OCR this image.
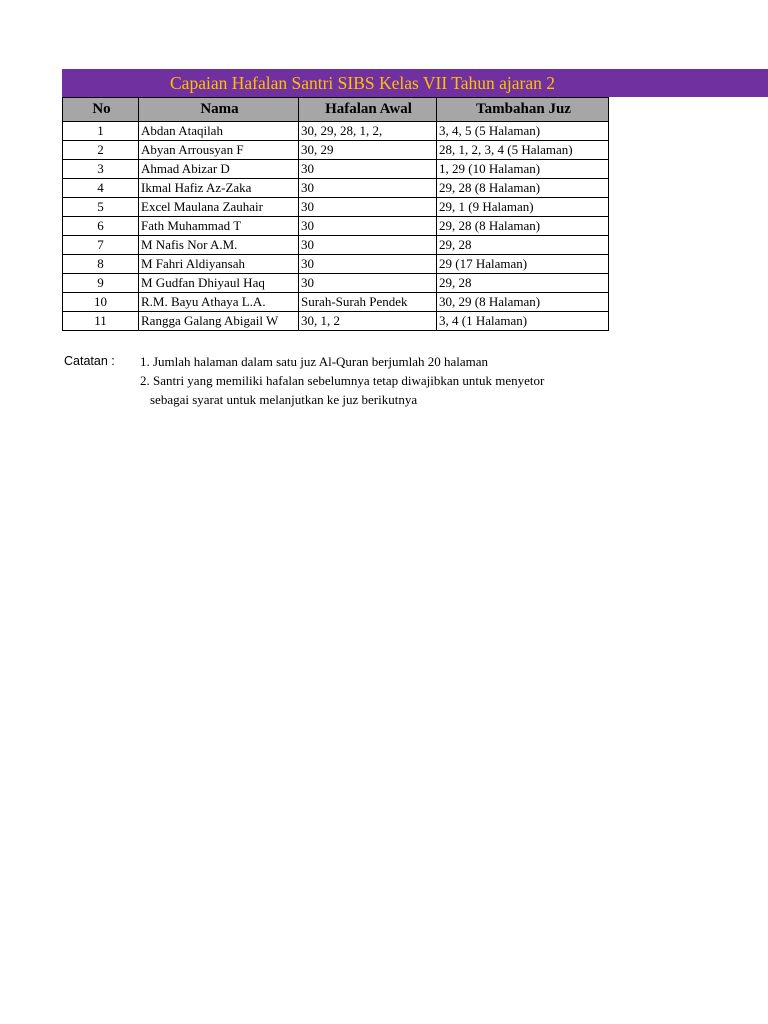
Capaian Hafalan Santri SIBS Kelas VII Tahun ajaran 2
No	Nama	Hafalan Awal	Tambahan Juz
1	Abdan Ataqilah	30, 29, 28, 1, 2,	3, 4, 5 (5 Halaman)
2	Abyan Arrousyan F	30, 29	28, 1, 2, 3, 4 (5 Halaman)
3	Ahmad Abizar D	30	1, 29 (10 Halaman)
4	Ikmal Hafiz Az-Zaka	30	29, 28 (8 Halaman)
5	Excel Maulana Zauhair	30	29, 1 (9 Halaman)
6	Fath Muhammad T	30	29, 28 (8 Halaman)
7	M Nafis Nor A.M.	30	29, 28
8	M Fahri Aldiyansah	30	29 (17 Halaman)
9	M Gudfan Dhiyaul Haq	30	29, 28
10	R.M. Bayu Athaya L.A.	Surah-Surah Pendek	30, 29 (8 Halaman)
11	Rangga Galang Abigail W	30, 1, 2	3, 4 (1 Halaman)
Catatan : 1. Jumlah halaman dalam satu juz Al-Quran berjumlah 20 halaman
2. Santri yang memiliki hafalan sebelumnya tetap diwajibkan untuk menyetor
sebagai syarat untuk melanjutkan ke juz berikutnya
